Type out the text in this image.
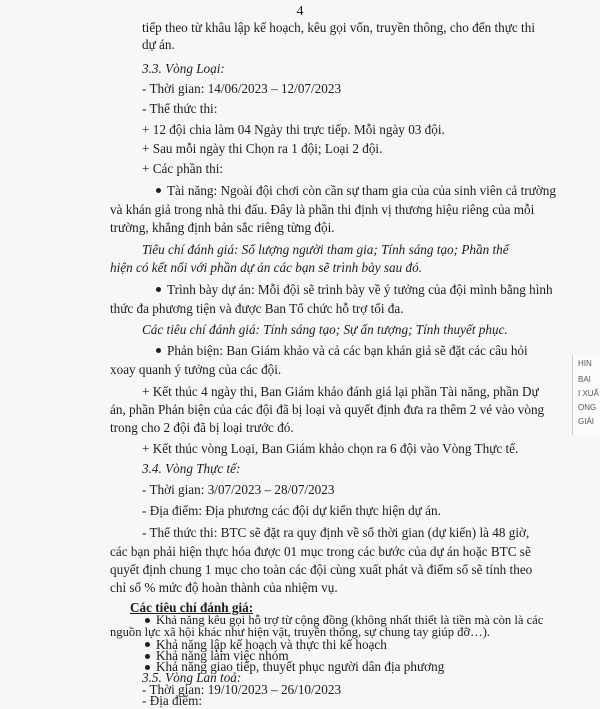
4
tiếp theo từ khâu lập kế hoạch, kêu gọi vốn, truyền thông, cho đến thực thi
dự án.
3.3. Vòng Loại:
- Thời gian: 14/06/2023 – 12/07/2023
- Thể thức thi:
+ 12 đội chia làm 04 Ngày thi trực tiếp. Mỗi ngày 03 đội.
+ Sau mỗi ngày thi Chọn ra 1 đội; Loại 2 đội.
+ Các phần thi:
Tài năng: Ngoài đội chơi còn cần sự tham gia của của sinh viên cả trường
và khán giả trong nhà thi đấu. Đây là phần thi định vị thương hiệu riêng của mỗi
trường, khẳng định bản sắc riêng từng đội.
Tiêu chí đánh giá: Số lượng người tham gia; Tính sáng tạo; Phần thể
hiện có kết nối với phần dự án các bạn sẽ trình bày sau đó.
Trình bày dự án: Mỗi đội sẽ trình bày về ý tưởng của đội mình bằng hình
thức đa phương tiện và được Ban Tổ chức hỗ trợ tối đa.
Các tiêu chí đánh giá: Tính sáng tạo; Sự ấn tượng; Tính thuyết phục.
Phản biện: Ban Giám khảo và cả các bạn khán giả sẽ đặt các câu hỏi
xoay quanh ý tưởng của các đội.
+ Kết thúc 4 ngày thi, Ban Giám khảo đánh giá lại phần Tài năng, phần Dự
án, phần Phản biện của các đội đã bị loại và quyết định đưa ra thêm 2 vé vào vòng
trong cho 2 đội đã bị loại trước đó.
+ Kết thúc vòng Loại, Ban Giám khảo chọn ra 6 đội vào Vòng Thực tế.
3.4. Vòng Thực tế:
- Thời gian: 3/07/2023 – 28/07/2023
- Địa điểm: Địa phương các đội dự kiến thực hiện dự án.
- Thể thức thi: BTC sẽ đặt ra quy định về số thời gian (dự kiến) là 48 giờ,
các bạn phải hiện thực hóa được 01 mục trong các bước của dự án hoặc BTC sẽ
quyết định chung 1 mục cho toàn các đội cùng xuất phát và điểm số sẽ tính theo
chỉ số % mức độ hoàn thành của nhiệm vụ.
Các tiêu chí đánh giá:
Khả năng kêu gọi hỗ trợ từ cộng đồng (không nhất thiết là tiền mà còn là các
nguồn lực xã hội khác như hiện vật, truyền thông, sự chung tay giúp đỡ…).
Khả năng lập kế hoạch và thực thi kế hoạch
Khả năng làm việc nhóm
Khả năng giao tiếp, thuyết phục người dân địa phương
3.5. Vòng Lan toả:
- Thời gian: 19/10/2023 – 26/10/2023
- Địa điểm:
HIN
BAI
I XUẤ
ONG
GIÁI
